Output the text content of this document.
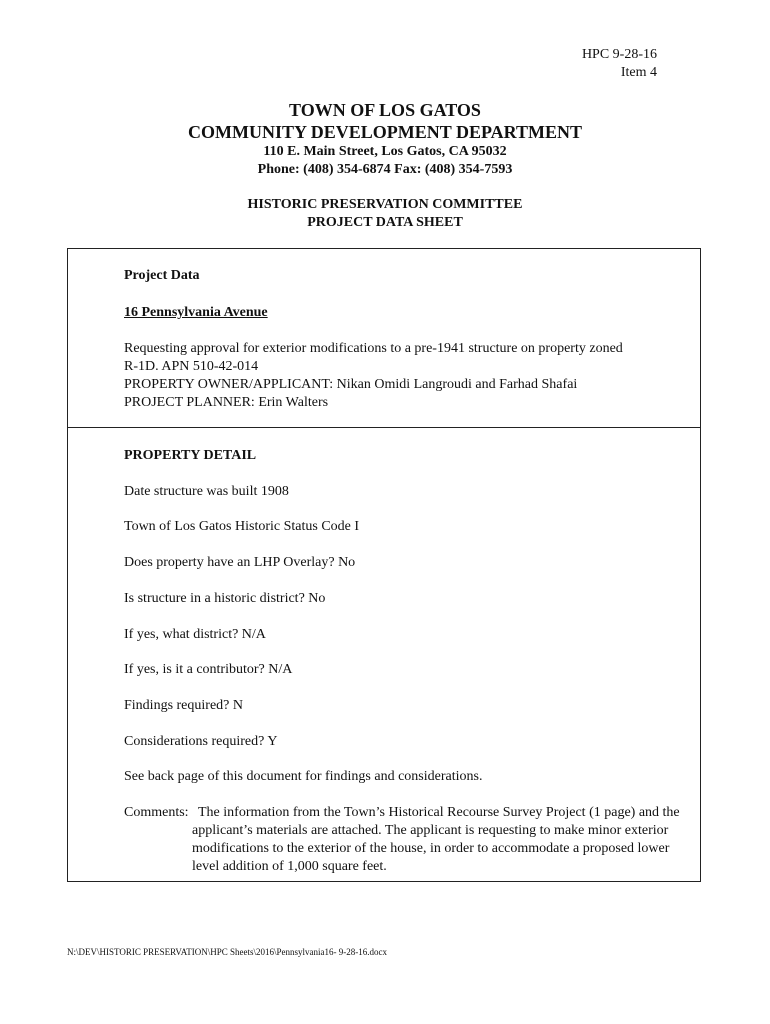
HPC 9-28-16
Item 4
TOWN OF LOS GATOS
COMMUNITY DEVELOPMENT DEPARTMENT
110 E. Main Street, Los Gatos, CA 95032
Phone: (408) 354-6874 Fax: (408) 354-7593
HISTORIC PRESERVATION COMMITTEE
PROJECT DATA SHEET
Project Data
16 Pennsylvania Avenue
Requesting approval for exterior modifications to a pre-1941 structure on property zoned
R-1D. APN 510-42-014
PROPERTY OWNER/APPLICANT: Nikan Omidi Langroudi and Farhad Shafai
PROJECT PLANNER: Erin Walters
PROPERTY DETAIL
Date structure was built 1908
Town of Los Gatos Historic Status Code I
Does property have an LHP Overlay? No
Is structure in a historic district? No
If yes, what district? N/A
If yes, is it a contributor? N/A
Findings required? N
Considerations required? Y
See back page of this document for findings and considerations.
Comments: The information from the Town’s Historical Recourse Survey Project (1 page) and the applicant’s materials are attached. The applicant is requesting to make minor exterior modifications to the exterior of the house, in order to accommodate a proposed lower level addition of 1,000 square feet.
N:\DEV\HISTORIC PRESERVATION\HPC Sheets\2016\Pennsylvania16- 9-28-16.docx
